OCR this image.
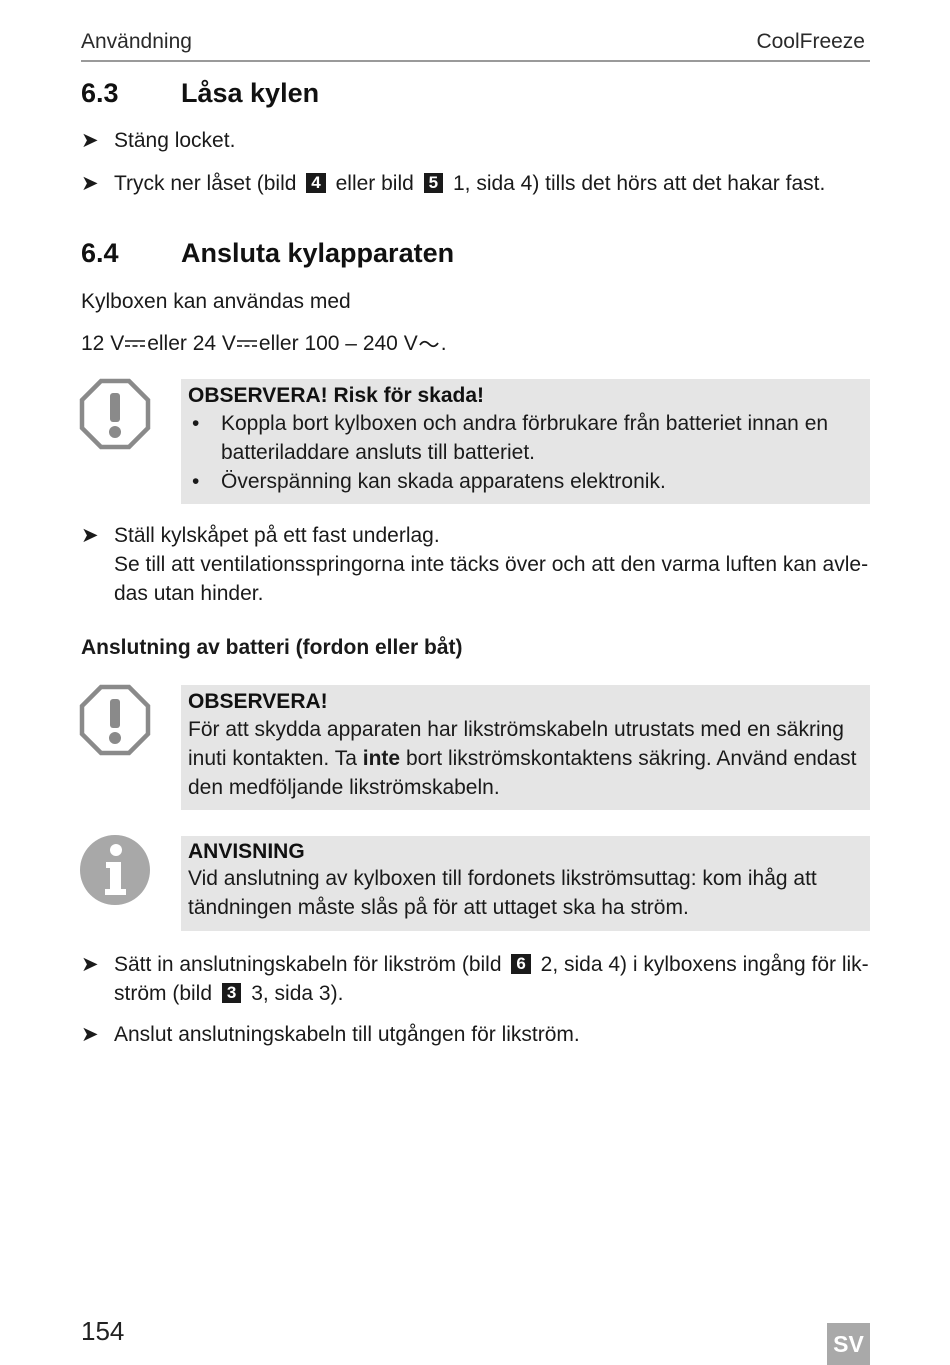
Användning	CoolFreeze
6.3 Låsa kylen
➤ Stäng locket.
➤ Tryck ner låset (bild 4 eller bild 5 1, sida 4) tills det hörs att det hakar fast.
6.4 Ansluta kylapparaten
Kylboxen kan användas med
12 V eller 24 V eller 100 – 240 V .
OBSERVERA! Risk för skada!
• Koppla bort kylboxen och andra förbrukare från batteriet innan en batteriladdare ansluts till batteriet.
• Överspänning kan skada apparatens elektronik.
➤ Ställ kylskåpet på ett fast underlag.
Se till att ventilationsspringorna inte täcks över och att den varma luften kan avle-das utan hinder.
Anslutning av batteri (fordon eller båt)
OBSERVERA!
För att skydda apparaten har likströmskabeln utrustats med en säkring inuti kontakten. Ta inte bort likströmskontaktens säkring. Använd endast den medföljande likströmskabeln.
ANVISNING
Vid anslutning av kylboxen till fordonets likströmsuttag: kom ihåg att tändningen måste slås på för att uttaget ska ha ström.
➤ Sätt in anslutningskabeln för likström (bild 6 2, sida 4) i kylboxens ingång för lik-ström (bild 3 3, sida 3).
➤ Anslut anslutningskabeln till utgången för likström.
154	SV
